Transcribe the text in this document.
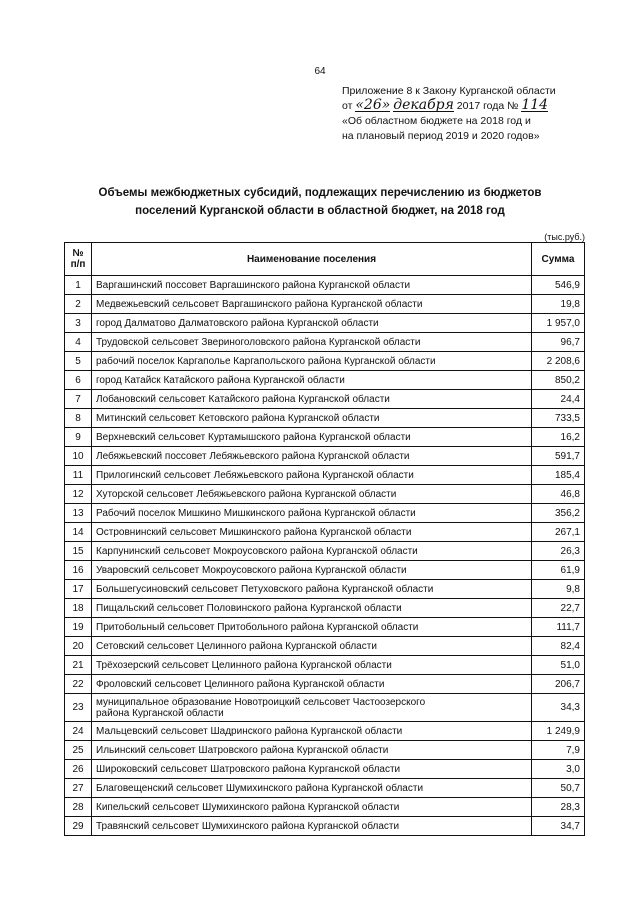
64
Приложение 8 к Закону Курганской области
от «26» декабря 2017 года № 114
«Об областном бюджете на 2018 год и
на плановый период 2019 и 2020 годов»
Объемы межбюджетных субсидий, подлежащих перечислению из бюджетов
поселений Курганской области в областной бюджет, на 2018 год
(тыс.руб.)
№
п/п	Наименование поселения	Сумма
1	Варгашинский поссовет Варгашинского района Курганской области	546,9
2	Медвежьевский сельсовет Варгашинского района Курганской области	19,8
3	город Далматово Далматовского района Курганской области	1 957,0
4	Трудовской сельсовет Звериноголовского района Курганской области	96,7
5	рабочий поселок Каргаполье Каргапольского района Курганской области	2 208,6
6	город Катайск Катайского района Курганской области	850,2
7	Лобановский сельсовет Катайского района Курганской области	24,4
8	Митинский сельсовет Кетовского района Курганской области	733,5
9	Верхневский сельсовет Куртамышского района Курганской области	16,2
10	Лебяжьевский поссовет Лебяжьевского района Курганской области	591,7
11	Прилогинский сельсовет Лебяжьевского района Курганской области	185,4
12	Хуторской сельсовет Лебяжьевского района Курганской области	46,8
13	Рабочий поселок Мишкино Мишкинского района Курганской области	356,2
14	Островнинский сельсовет Мишкинского района Курганской области	267,1
15	Карпунинский сельсовет Мокроусовского района Курганской области	26,3
16	Уваровский сельсовет Мокроусовского района Курганской области	61,9
17	Большегусиновский сельсовет Петуховского района Курганской области	9,8
18	Пищальский сельсовет Половинского района Курганской области	22,7
19	Притобольный сельсовет Притобольного района Курганской области	111,7
20	Сетовский сельсовет Целинного района Курганской области	82,4
21	Трёхозерский сельсовет Целинного района Курганской области	51,0
22	Фроловский сельсовет Целинного района Курганской области	206,7
23	муниципальное образование Новотроицкий сельсовет Частоозерского
района Курганской области	34,3
24	Мальцевский сельсовет Шадринского района Курганской области	1 249,9
25	Ильинский сельсовет Шатровского района Курганской области	7,9
26	Широковский сельсовет Шатровского района Курганской области	3,0
27	Благовещенский сельсовет Шумихинского района Курганской области	50,7
28	Кипельский сельсовет Шумихинского района Курганской области	28,3
29	Травянский сельсовет Шумихинского района Курганской области	34,7
